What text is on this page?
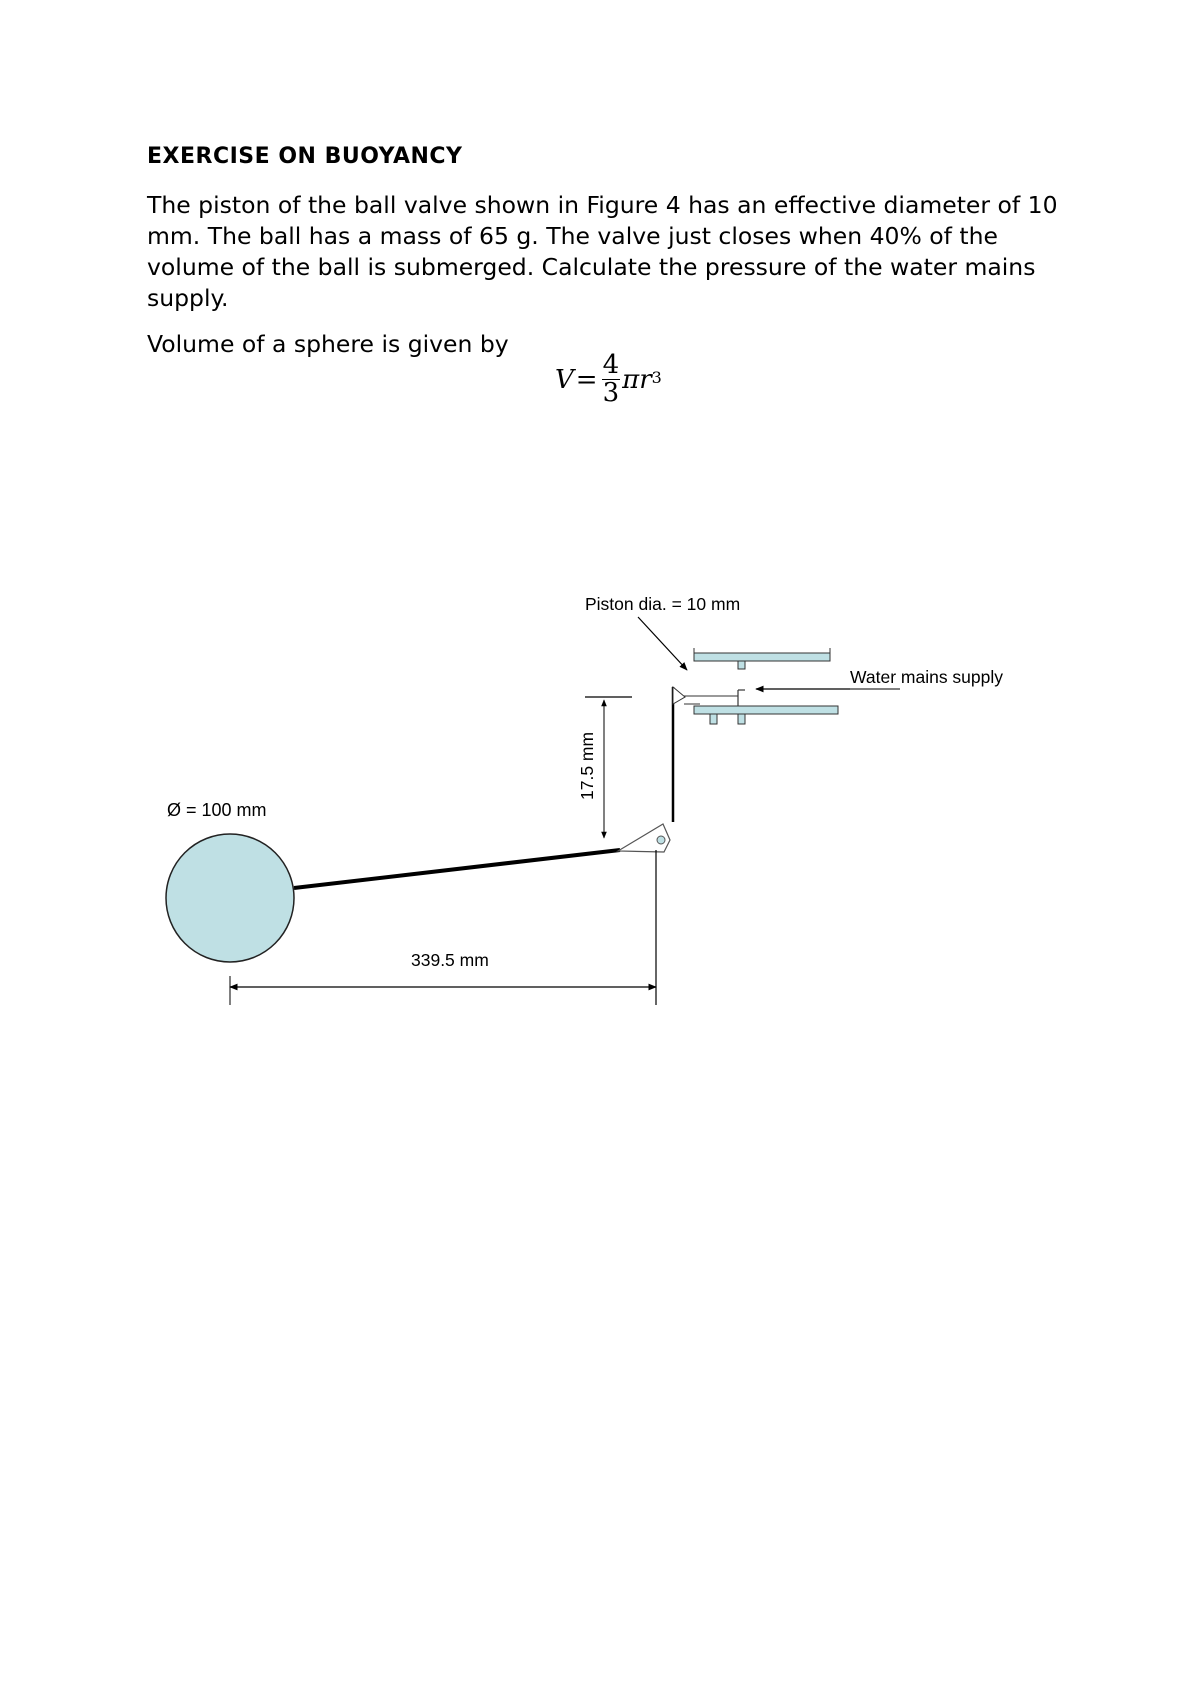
EXERCISE ON BUOYANCY

The piston of the ball valve shown in Figure 4 has an effective diameter of 10 mm. The ball has a mass of 65 g. The valve just closes when 40% of the volume of the ball is submerged. Calculate the pressure of the water mains supply.

Volume of a sphere is given by
$V = \frac{4}{3} \pi r^3$
Ø = 100 mm
Piston dia. = 10 mm
Water mains supply
17.5 mm
339.5 mm
